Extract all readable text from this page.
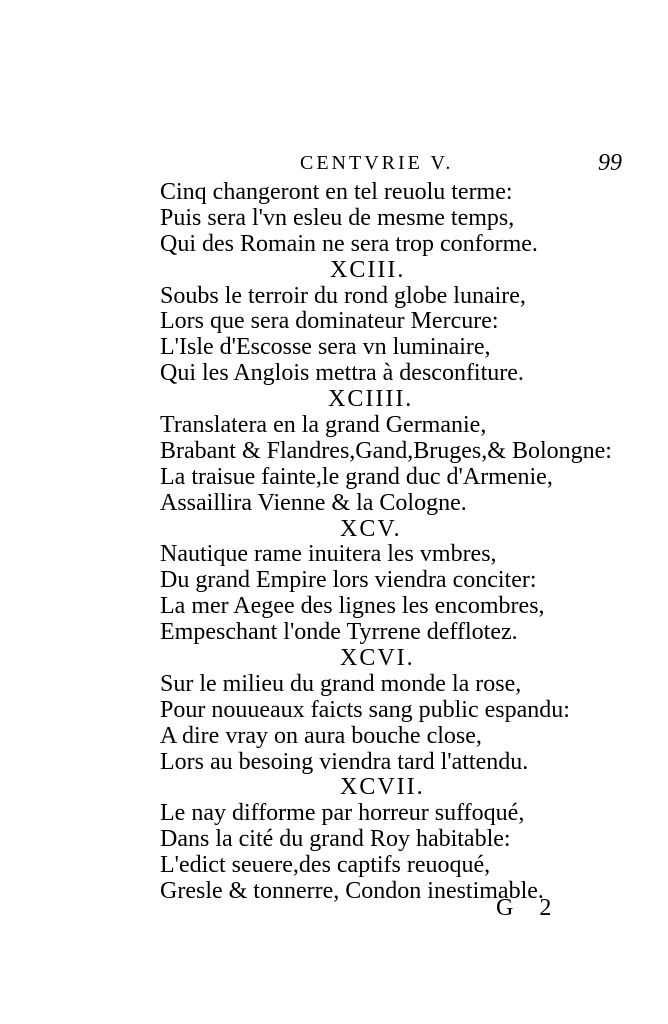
CENTVRIE V.	99
Cinq changeront en tel reuolu terme:
Puis sera l'vn esleu de mesme temps,
Qui des Romain ne sera trop conforme.
XCIII.
Soubs le terroir du rond globe lunaire,
Lors que sera dominateur Mercure:
L'Isle d'Escosse sera vn luminaire,
Qui les Anglois mettra à desconfiture.
XCIIII.
Translatera en la grand Germanie,
Brabant & Flandres,Gand,Bruges,& Bolongne:
La traisue fainte,le grand duc d'Armenie,
Assaillira Vienne & la Cologne.
XCV.
Nautique rame inuitera les vmbres,
Du grand Empire lors viendra conciter:
La mer Aegee des lignes les encombres,
Empeschant l'onde Tyrrene defflotez.
XCVI.
Sur le milieu du grand monde la rose,
Pour nouueaux faicts sang public espandu:
A dire vray on aura bouche close,
Lors au besoing viendra tard l'attendu.
XCVII.
Le nay difforme par horreur suffoqué,
Dans la cité du grand Roy habitable:
L'edict seuere,des captifs reuoqué,
Gresle & tonnerre, Condon inestimable.
G 2
